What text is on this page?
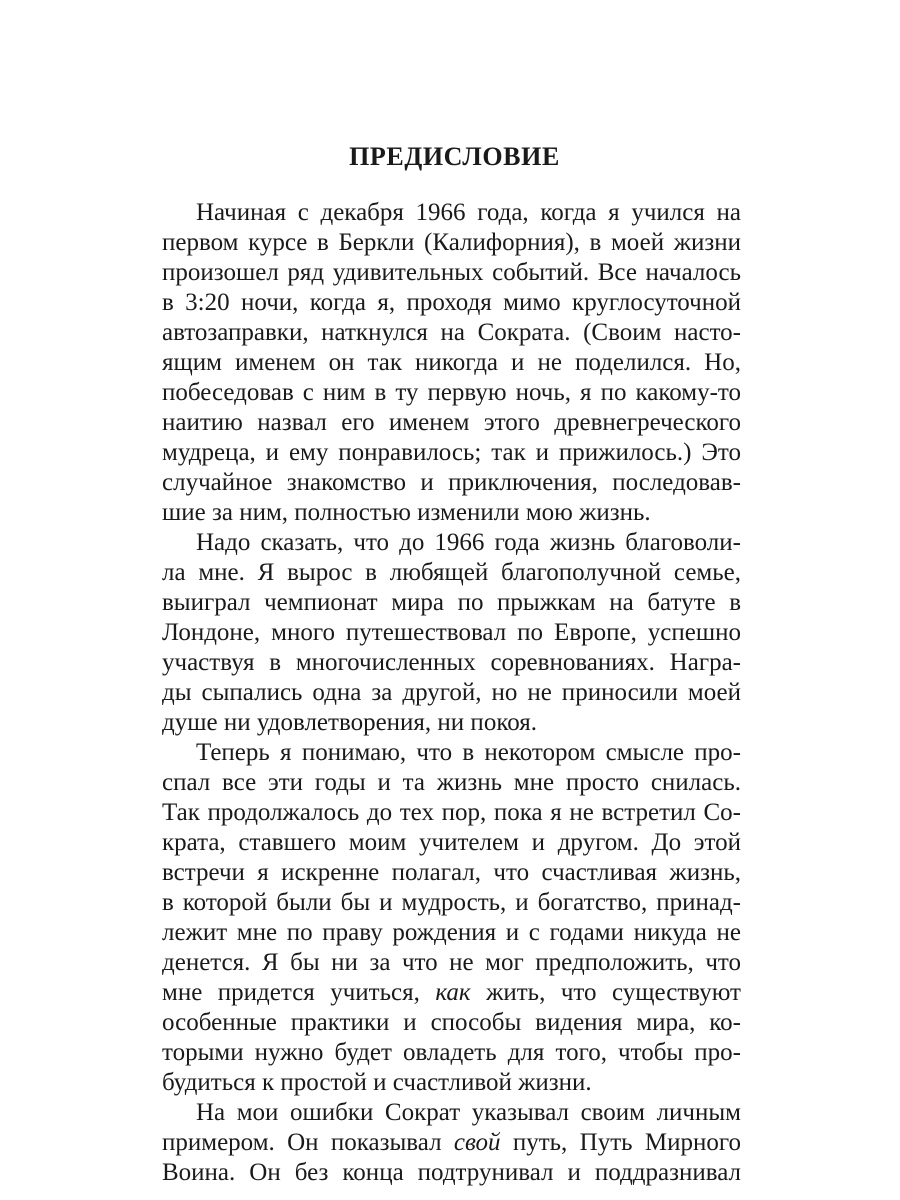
ПРЕДИСЛОВИЕ
Начиная с декабря 1966 года, когда я учился на
первом курсе в Беркли (Калифорния), в моей жизни
произошел ряд удивительных событий. Все началось
в 3:20 ночи, когда я, проходя мимо круглосуточной
автозаправки, наткнулся на Сократа. (Своим насто-
ящим именем он так никогда и не поделился. Но,
побеседовав с ним в ту первую ночь, я по какому-то
наитию назвал его именем этого древнегреческого
мудреца, и ему понравилось; так и прижилось.) Это
случайное знакомство и приключения, последовав-
шие за ним, полностью изменили мою жизнь.
Надо сказать, что до 1966 года жизнь благоволи-
ла мне. Я вырос в любящей благополучной семье,
выиграл чемпионат мира по прыжкам на батуте в
Лондоне, много путешествовал по Европе, успешно
участвуя в многочисленных соревнованиях. Награ-
ды сыпались одна за другой, но не приносили моей
душе ни удовлетворения, ни покоя.
Теперь я понимаю, что в некотором смысле про-
спал все эти годы и та жизнь мне просто снилась.
Так продолжалось до тех пор, пока я не встретил Со-
крата, ставшего моим учителем и другом. До этой
встречи я искренне полагал, что счастливая жизнь,
в которой были бы и мудрость, и богатство, принад-
лежит мне по праву рождения и с годами никуда не
денется. Я бы ни за что не мог предположить, что
мне придется учиться, как жить, что существуют
особенные практики и способы видения мира, ко-
торыми нужно будет овладеть для того, чтобы про-
будиться к простой и счастливой жизни.
На мои ошибки Сократ указывал своим личным
примером. Он показывал свой путь, Путь Мирного
Воина. Он без конца подтрунивал и поддразнивал
